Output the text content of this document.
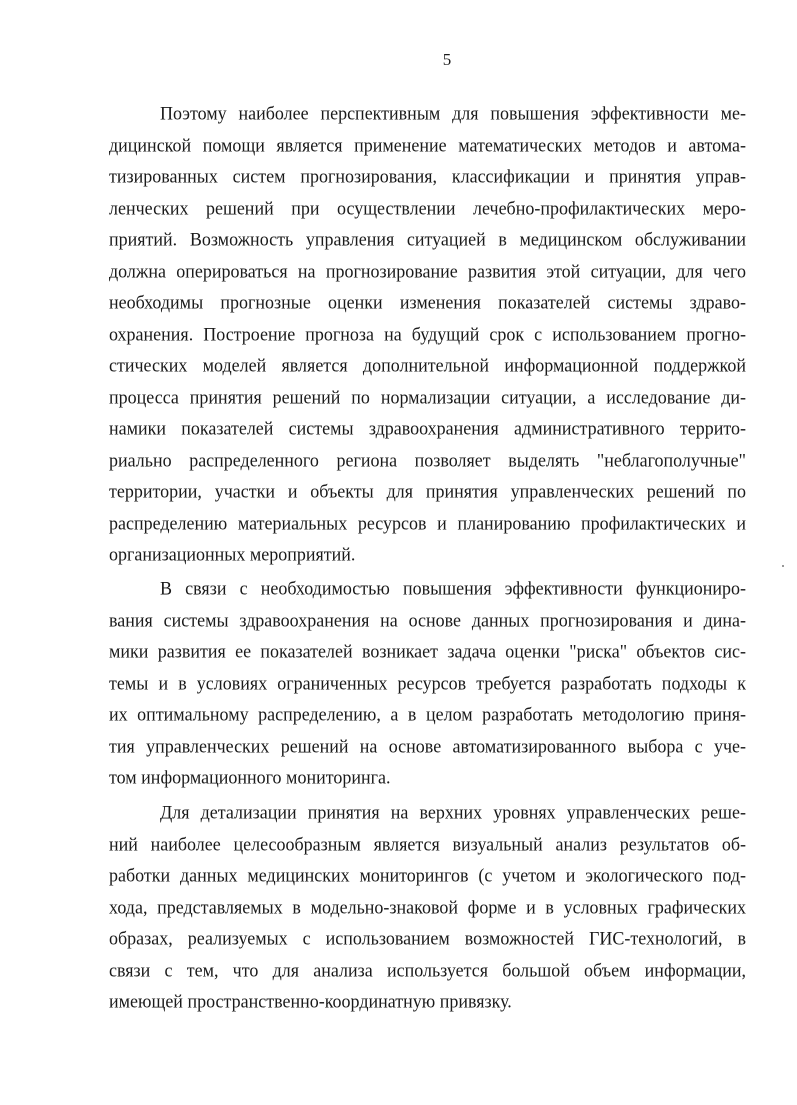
5
Поэтому наиболее перспективным для повышения эффективности ме-
дицинской помощи является применение математических методов и автома-
тизированных систем прогнозирования, классификации и принятия управ-
ленческих решений при осуществлении лечебно-профилактических меро-
приятий. Возможность управления ситуацией в медицинском обслуживании
должна оперироваться на прогнозирование развития этой ситуации, для чего
необходимы прогнозные оценки изменения показателей системы здраво-
охранения. Построение прогноза на будущий срок с использованием прогно-
стических моделей является дополнительной информационной поддержкой
процесса принятия решений по нормализации ситуации, а исследование ди-
намики показателей системы здравоохранения административного террито-
риально распределенного региона позволяет выделять "неблагополучные"
территории, участки и объекты для принятия управленческих решений по
распределению материальных ресурсов и планированию профилактических и
организационных мероприятий.
В связи с необходимостью повышения эффективности функциониро-
вания системы здравоохранения на основе данных прогнозирования и дина-
мики развития ее показателей возникает задача оценки "риска" объектов сис-
темы и в условиях ограниченных ресурсов требуется разработать подходы к
их оптимальному распределению, а в целом разработать методологию приня-
тия управленческих решений на основе автоматизированного выбора с уче-
том информационного мониторинга.
Для детализации принятия на верхних уровнях управленческих реше-
ний наиболее целесообразным является визуальный анализ результатов об-
работки данных медицинских мониторингов (с учетом и экологического под-
хода, представляемых в модельно-знаковой форме и в условных графических
образах, реализуемых с использованием возможностей ГИС-технологий, в
связи с тем, что для анализа используется большой объем информации,
имеющей пространственно-координатную привязку.
